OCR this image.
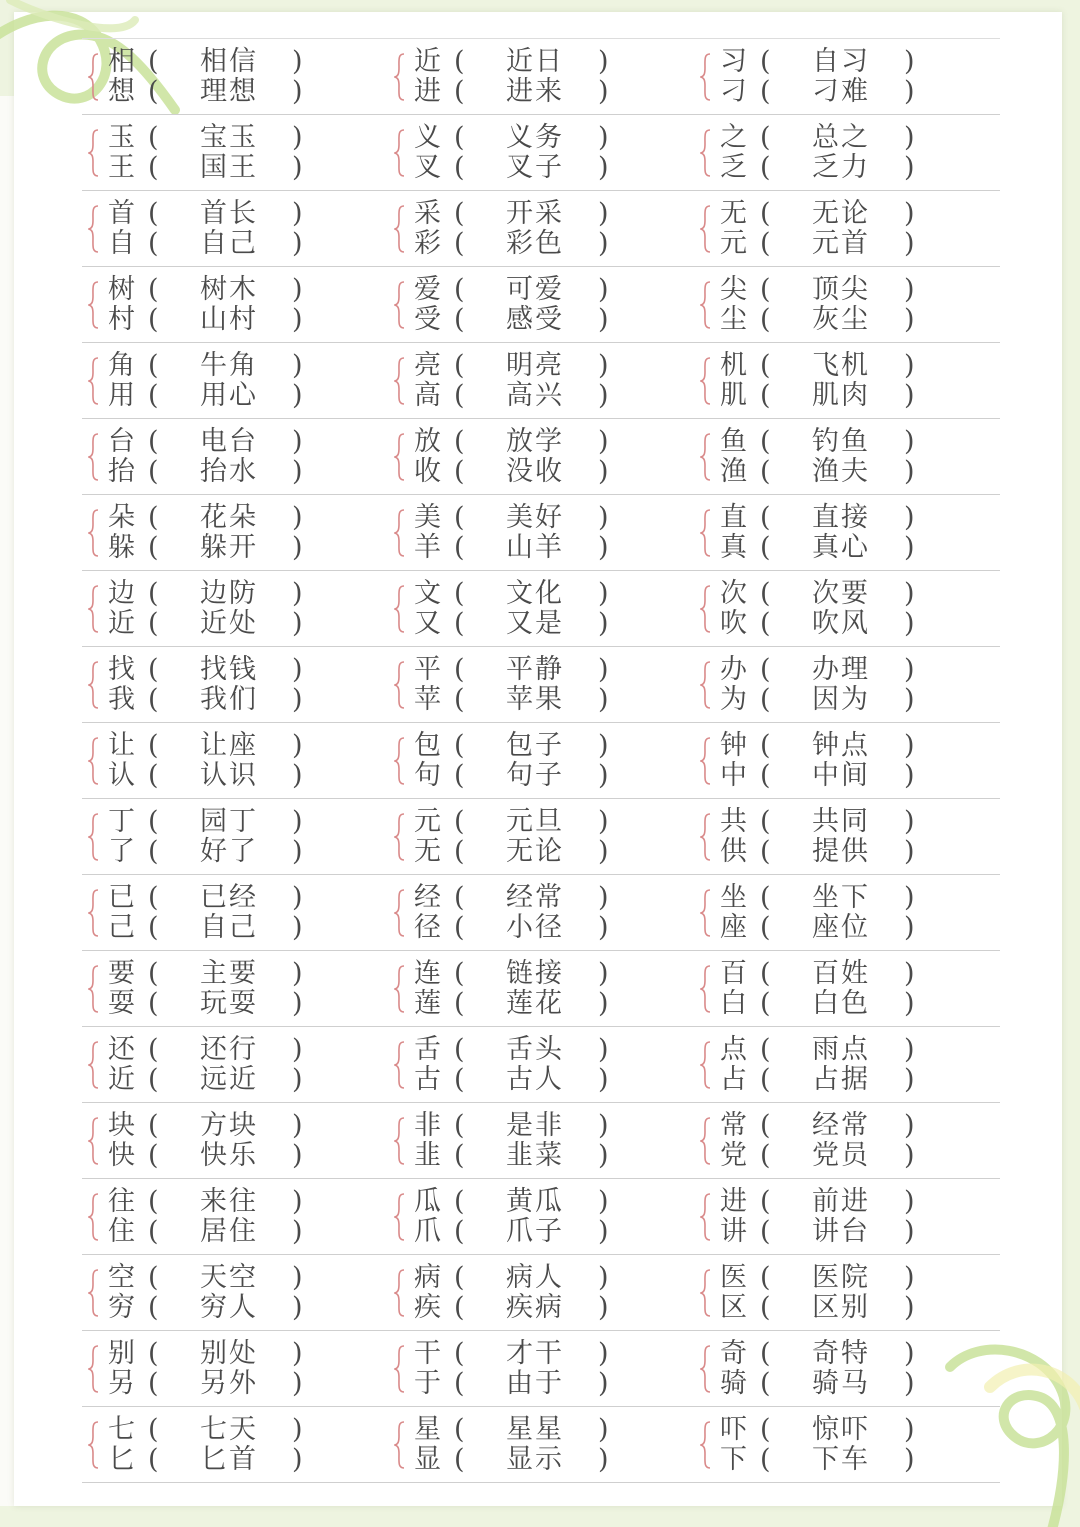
相 ( 相信 )
想 ( 理想 )
近 ( 近日 )
进 ( 进来 )
习 ( 自习 )
刁 ( 刁难 )
玉 ( 宝玉 )
王 ( 国王 )
义 ( 义务 )
叉 ( 叉子 )
之 ( 总之 )
乏 ( 乏力 )
首 ( 首长 )
自 ( 自己 )
采 ( 开采 )
彩 ( 彩色 )
无 ( 无论 )
元 ( 元首 )
树 ( 树木 )
村 ( 山村 )
爱 ( 可爱 )
受 ( 感受 )
尖 ( 顶尖 )
尘 ( 灰尘 )
角 ( 牛角 )
用 ( 用心 )
亮 ( 明亮 )
高 ( 高兴 )
机 ( 飞机 )
肌 ( 肌肉 )
台 ( 电台 )
抬 ( 抬水 )
放 ( 放学 )
收 ( 没收 )
鱼 ( 钓鱼 )
渔 ( 渔夫 )
朵 ( 花朵 )
躲 ( 躲开 )
美 ( 美好 )
羊 ( 山羊 )
直 ( 直接 )
真 ( 真心 )
边 ( 边防 )
近 ( 近处 )
文 ( 文化 )
又 ( 又是 )
次 ( 次要 )
吹 ( 吹风 )
找 ( 找钱 )
我 ( 我们 )
平 ( 平静 )
苹 ( 苹果 )
办 ( 办理 )
为 ( 因为 )
让 ( 让座 )
认 ( 认识 )
包 ( 包子 )
句 ( 句子 )
钟 ( 钟点 )
中 ( 中间 )
丁 ( 园丁 )
了 ( 好了 )
元 ( 元旦 )
无 ( 无论 )
共 ( 共同 )
供 ( 提供 )
已 ( 已经 )
己 ( 自己 )
经 ( 经常 )
径 ( 小径 )
坐 ( 坐下 )
座 ( 座位 )
要 ( 主要 )
耍 ( 玩耍 )
连 ( 链接 )
莲 ( 莲花 )
百 ( 百姓 )
白 ( 白色 )
还 ( 还行 )
近 ( 远近 )
舌 ( 舌头 )
古 ( 古人 )
点 ( 雨点 )
占 ( 占据 )
块 ( 方块 )
快 ( 快乐 )
非 ( 是非 )
韭 ( 韭菜 )
常 ( 经常 )
党 ( 党员 )
往 ( 来往 )
住 ( 居住 )
瓜 ( 黄瓜 )
爪 ( 爪子 )
进 ( 前进 )
讲 ( 讲台 )
空 ( 天空 )
穷 ( 穷人 )
病 ( 病人 )
疾 ( 疾病 )
医 ( 医院 )
区 ( 区别 )
别 ( 别处 )
另 ( 另外 )
干 ( 才干 )
于 ( 由于 )
奇 ( 奇特 )
骑 ( 骑马 )
七 ( 七天 )
匕 ( 匕首 )
星 ( 星星 )
显 ( 显示 )
吓 ( 惊吓 )
下 ( 下车 )
